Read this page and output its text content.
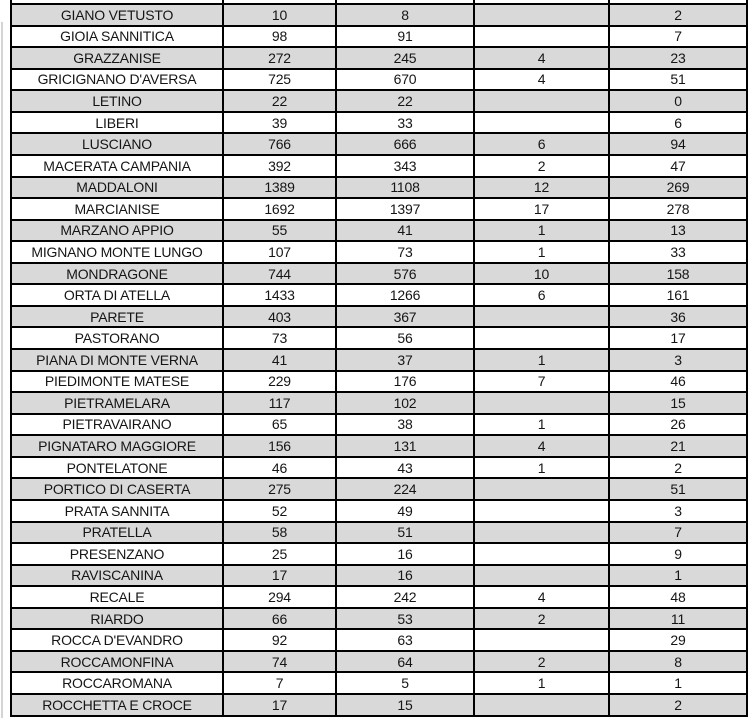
GIANO VETUSTO	10	8		2
GIOIA SANNITICA	98	91		7
GRAZZANISE	272	245	4	23
GRICIGNANO D'AVERSA	725	670	4	51
LETINO	22	22		0
LIBERI	39	33		6
LUSCIANO	766	666	6	94
MACERATA CAMPANIA	392	343	2	47
MADDALONI	1389	1108	12	269
MARCIANISE	1692	1397	17	278
MARZANO APPIO	55	41	1	13
MIGNANO MONTE LUNGO	107	73	1	33
MONDRAGONE	744	576	10	158
ORTA DI ATELLA	1433	1266	6	161
PARETE	403	367		36
PASTORANO	73	56		17
PIANA DI MONTE VERNA	41	37	1	3
PIEDIMONTE MATESE	229	176	7	46
PIETRAMELARA	117	102		15
PIETRAVAIRANO	65	38	1	26
PIGNATARO MAGGIORE	156	131	4	21
PONTELATONE	46	43	1	2
PORTICO DI CASERTA	275	224		51
PRATA SANNITA	52	49		3
PRATELLA	58	51		7
PRESENZANO	25	16		9
RAVISCANINA	17	16		1
RECALE	294	242	4	48
RIARDO	66	53	2	11
ROCCA D'EVANDRO	92	63		29
ROCCAMONFINA	74	64	2	8
ROCCAROMANA	7	5	1	1
ROCCHETTA E CROCE	17	15		2
